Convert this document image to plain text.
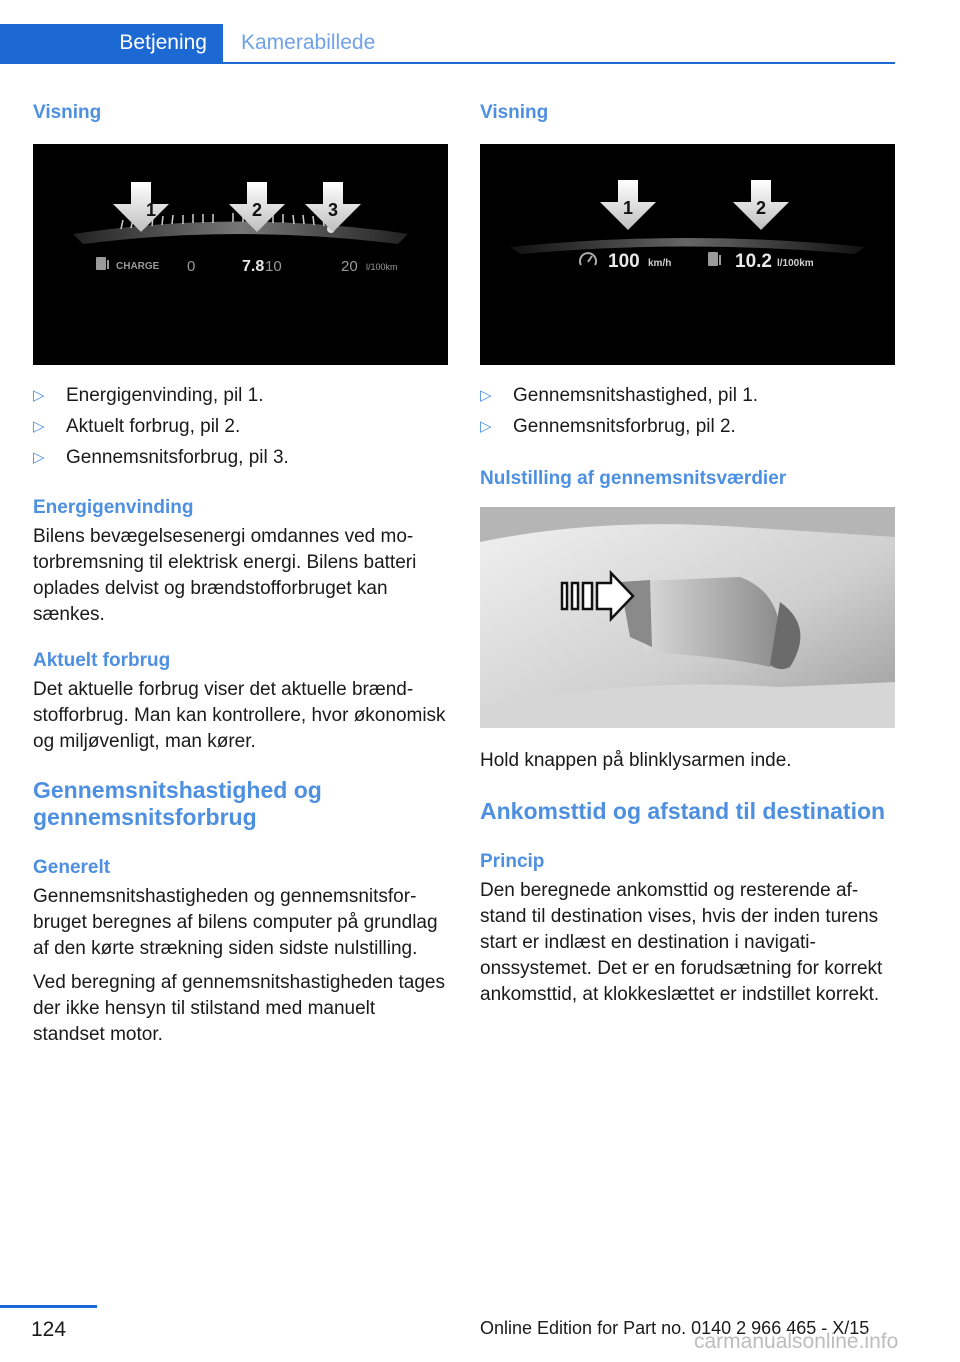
Betjening	Kamerabillede
Visning
1	2	3
CHARGE 0	7.8 10	20 l/100km
▷ Energigenvinding, pil 1.
▷ Aktuelt forbrug, pil 2.
▷ Gennemsnitsforbrug, pil 3.
Energigenvinding

Bilens bevægelsesenergi omdannes ved motorbremsning til elektrisk energi. Bilens batteri oplades delvist og brændstofforbruget kan sænkes.

Aktuelt forbrug

Det aktuelle forbrug viser det aktuelle brændstofforbrug. Man kan kontrollere, hvor økonomisk og miljøvenligt, man kører.

Gennemsnitshastighed og
gennemsnitsforbrug
Generelt

Gennemsnitshastigheden og gennemsnitsforbruget beregnes af bilens computer på grundlag af den kørte strækning siden sidste nulstilling.

Ved beregning af gennemsnitshastigheden tages der ikke hensyn til stilstand med manuelt standset motor.

Visning
1	2
100 km/h	10.2 l/100km
▷ Gennemsnitshastighed, pil 1.
▷ Gennemsnitsforbrug, pil 2.
Nulstilling af gennemsnitsværdier

Hold knappen på blinklysarmen inde.

Ankomsttid og afstand til destination
Princip

Den beregnede ankomsttid og resterende afstand til destination vises, hvis der inden turens start er indlæst en destination i navigationssystemet. Det er en forudsætning for korrekt ankomsttid, at klokkeslættet er indstillet korrekt.

124	Online Edition for Part no. 0140 2 966 465 - X/15
carmanualsonline.info
